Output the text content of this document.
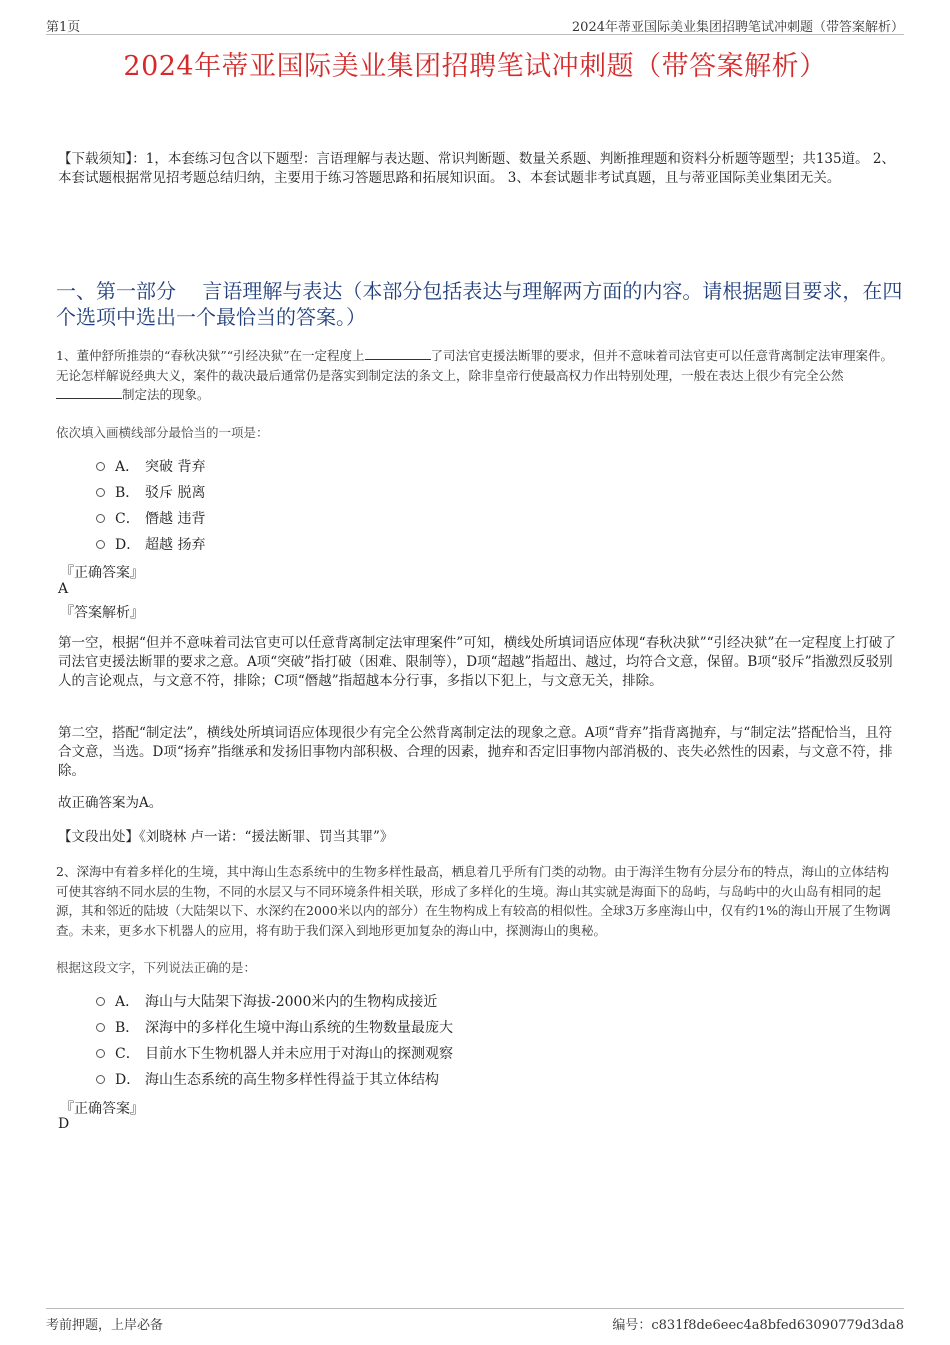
第1页	2024年蒂亚国际美业集团招聘笔试冲刺题（带答案解析）
2024年蒂亚国际美业集团招聘笔试冲刺题（带答案解析）
【下载须知】：1，本套练习包含以下题型：言语理解与表达题、常识判断题、数量关系题、判断推理题和资料分析题等题型；共135道。 2、本套试题根据常见招考题总结归纳，主要用于练习答题思路和拓展知识面。 3、本套试题非考试真题，且与蒂亚国际美业集团无关。
一、第一部分　 言语理解与表达（本部分包括表达与理解两方面的内容。请根据题目要求，在四个选项中选出一个最恰当的答案。）
1、董仲舒所推崇的“春秋决狱”“引经决狱”在一定程度上	了司法官吏援法断罪的要求，但并不意味着司法官吏可以任意背离制定法审理案件。无论怎样解说经典大义，案件的裁决最后通常仍是落实到制定法的条文上，除非皇帝行使最高权力作出特别处理，一般在表达上很少有完全公然制定法的现象。
依次填入画横线部分最恰当的一项是：
A． 突破 背弃
B． 驳斥 脱离
C． 僭越 违背
D． 超越 扬弃
『正确答案』
A
『答案解析』
第一空，根据“但并不意味着司法官吏可以任意背离制定法审理案件”可知，横线处所填词语应体现“春秋决狱”“引经决狱”在一定程度上打破了司法官吏援法断罪的要求之意。A项“突破”指打破（困难、限制等），D项“超越”指超出、越过，均符合文意，保留。B项“驳斥”指激烈反驳别人的言论观点，与文意不符，排除；C项“僭越”指超越本分行事，多指以下犯上，与文意无关，排除。
第二空，搭配“制定法”，横线处所填词语应体现很少有完全公然背离制定法的现象之意。A项“背弃”指背离抛弃，与“制定法”搭配恰当，且符合文意，当选。D项“扬弃”指继承和发扬旧事物内部积极、合理的因素，抛弃和否定旧事物内部消极的、丧失必然性的因素，与文意不符，排除。
故正确答案为A。
【文段出处】《刘晓林 卢一诺：“援法断罪、罚当其罪”》
2、深海中有着多样化的生境，其中海山生态系统中的生物多样性最高，栖息着几乎所有门类的动物。由于海洋生物有分层分布的特点，海山的立体结构可使其容纳不同水层的生物，不同的水层又与不同环境条件相关联，形成了多样化的生境。海山其实就是海面下的岛屿，与岛屿中的火山岛有相同的起源，其和邻近的陆坡（大陆架以下、水深约在2000米以内的部分）在生物构成上有较高的相似性。全球3万多座海山中，仅有约1%的海山开展了生物调查。未来，更多水下机器人的应用，将有助于我们深入到地形更加复杂的海山中，探测海山的奥秘。
根据这段文字，下列说法正确的是：
A． 海山与大陆架下海拔-2000米内的生物构成接近
B． 深海中的多样化生境中海山系统的生物数量最庞大
C． 目前水下生物机器人并未应用于对海山的探测观察
D． 海山生态系统的高生物多样性得益于其立体结构
『正确答案』
D
考前押题，上岸必备	编号：c831f8de6eec4a8bfed63090779d3da8
